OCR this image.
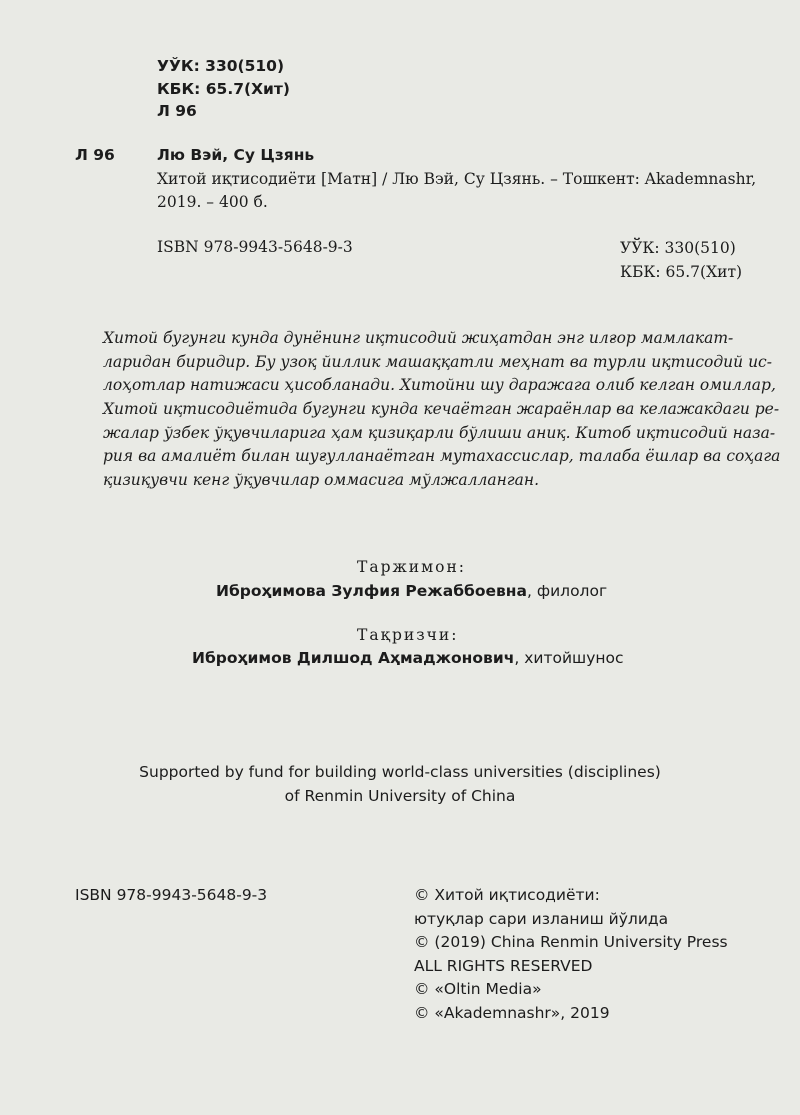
УЎК: 330(510)
КБК: 65.7(Хит)
Л 96
Л 96	Лю Вэй, Су Цзянь
Хитой иқтисодиёти [Матн] / Лю Вэй, Су Цзянь. – Тошкент: Akademnashr,
2019. – 400 б.
ISBN 978-9943-5648-9-3	УЎК: 330(510)
КБК: 65.7(Хит)
Хитой бугунги кунда дунёнинг иқтисодий жиҳатдан энг илғор мамлакат-
ларидан биридир. Бу узоқ йиллик машаққатли меҳнат ва турли иқтисодий ис-
лоҳотлар натижаси ҳисобланади. Хитойни шу даражага олиб келган омиллар,
Хитой иқтисодиётида бугунги кунда кечаётган жараёнлар ва келажакдаги ре-
жалар ўзбек ўқувчиларига ҳам қизиқарли бўлиши аниқ. Китоб иқтисодий наза-
рия ва амалиёт билан шуғулланаётган мутахассислар, талаба ёшлар ва соҳага
қизиқувчи кенг ўқувчилар оммасига мўлжалланган.
Таржимон:
Иброҳимова Зулфия Режаббоевна, филолог
Тақризчи:
Иброҳимов Дилшод Аҳмаджонович, хитойшунос
Supported by fund for building world-class universities (disciplines)
of Renmin University of China
ISBN 978-9943-5648-9-3	© Хитой иқтисодиёти:
ютуқлар сари изланиш йўлида
© (2019) China Renmin University Press
ALL RIGHTS RESERVED
© «Oltin Media»
© «Akademnashr», 2019
